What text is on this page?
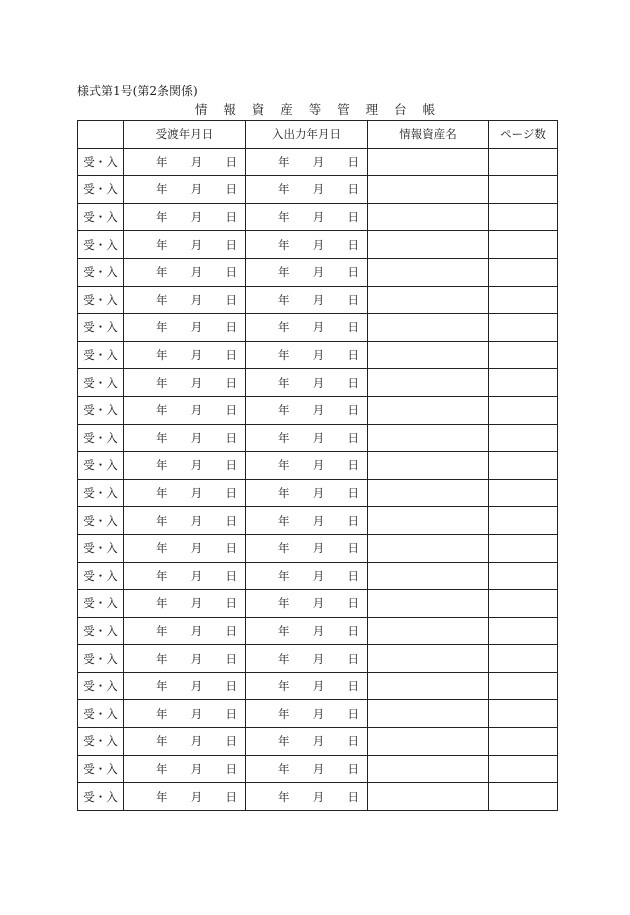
様式第1号(第2条関係)
情 報 資 産 等 管 理 台 帳
	受渡年月日	入出力年月日	情報資産名	ページ数
受・入	年 月 日	年 月 日		

受・入	年 月 日	年 月 日		

受・入	年 月 日	年 月 日		

受・入	年 月 日	年 月 日		

受・入	年 月 日	年 月 日		

受・入	年 月 日	年 月 日		

受・入	年 月 日	年 月 日		

受・入	年 月 日	年 月 日		

受・入	年 月 日	年 月 日		

受・入	年 月 日	年 月 日		

受・入	年 月 日	年 月 日		

受・入	年 月 日	年 月 日		

受・入	年 月 日	年 月 日		

受・入	年 月 日	年 月 日		

受・入	年 月 日	年 月 日		

受・入	年 月 日	年 月 日		

受・入	年 月 日	年 月 日		

受・入	年 月 日	年 月 日		

受・入	年 月 日	年 月 日		

受・入	年 月 日	年 月 日		

受・入	年 月 日	年 月 日		

受・入	年 月 日	年 月 日		

受・入	年 月 日	年 月 日		

受・入	年 月 日	年 月 日		
